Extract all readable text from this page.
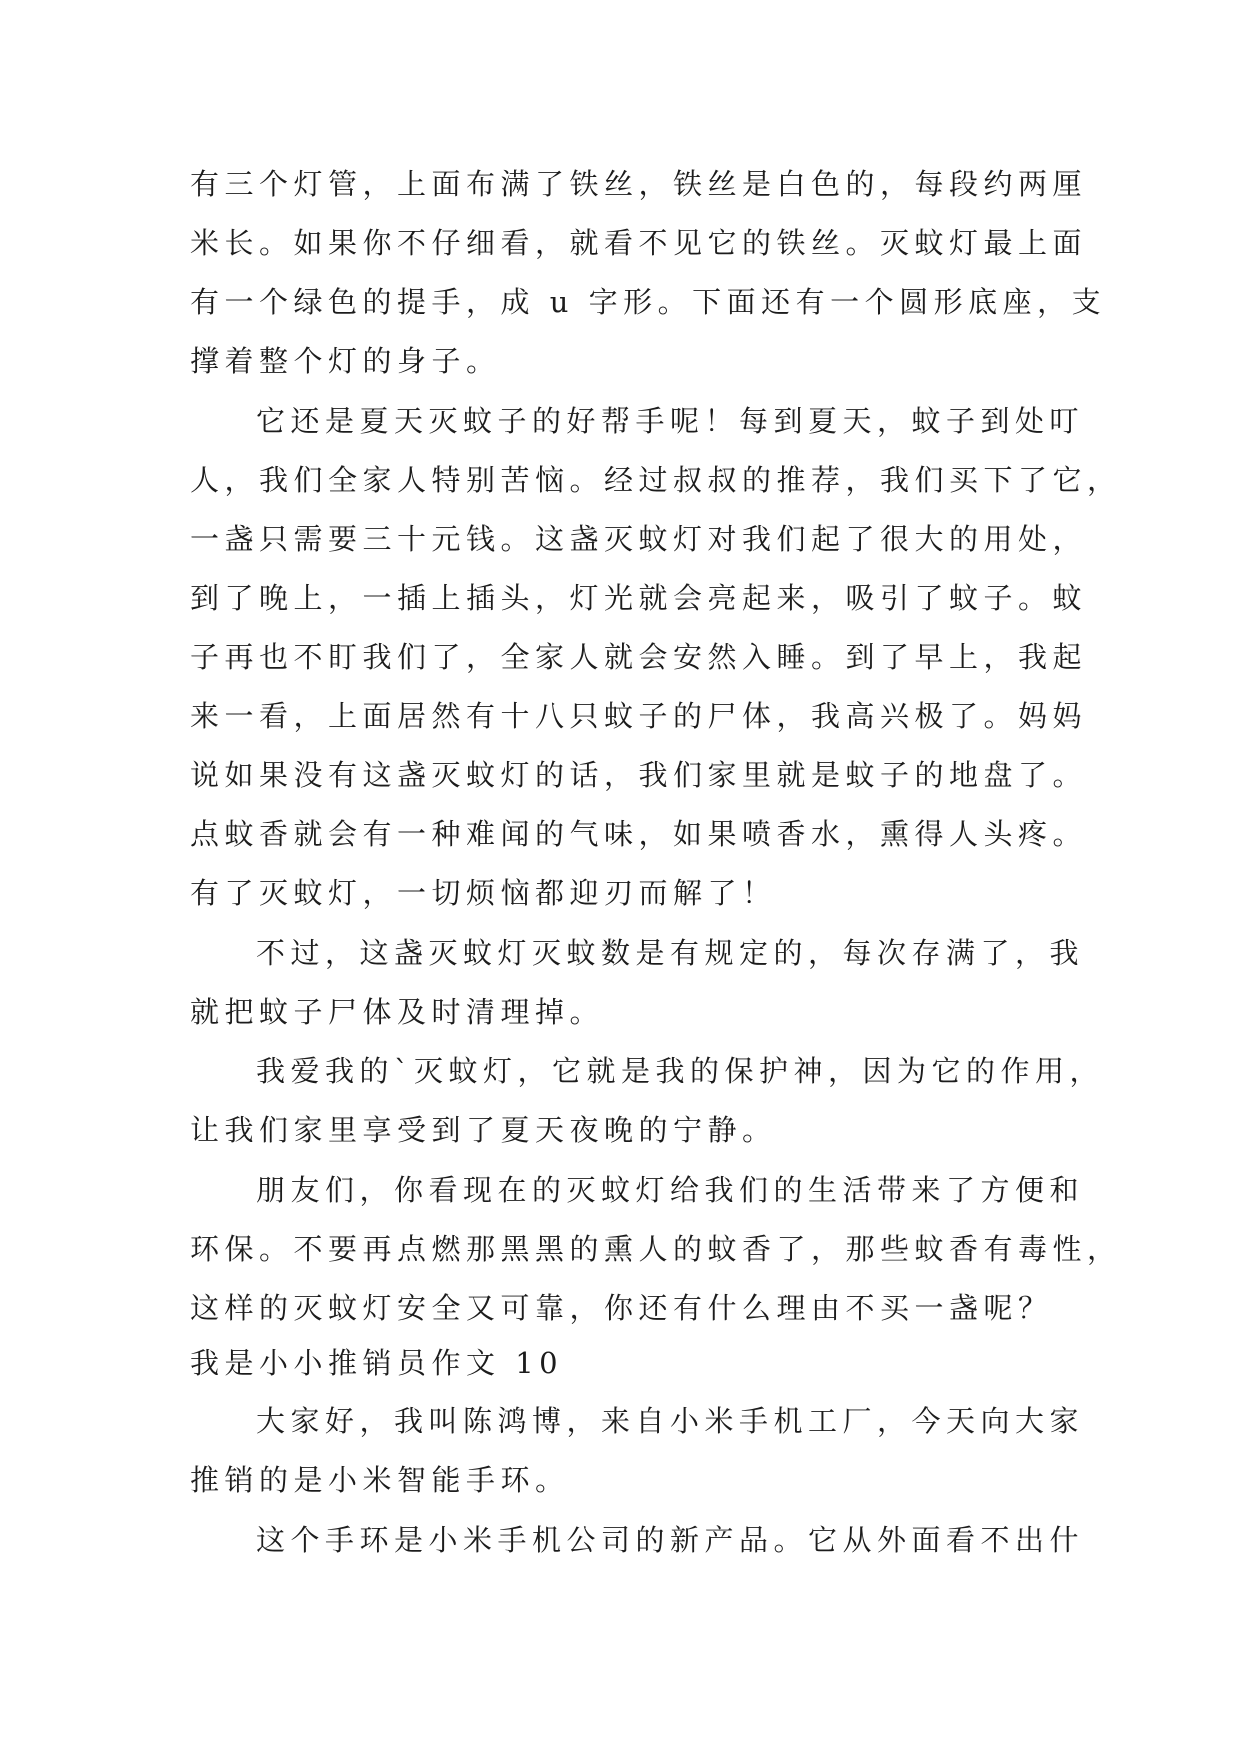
有三个灯管，上面布满了铁丝，铁丝是白色的，每段约两厘
米长。如果你不仔细看，就看不见它的铁丝。灭蚊灯最上面
有一个绿色的提手，成 u 字形。下面还有一个圆形底座，支
撑着整个灯的身子。
它还是夏天灭蚊子的好帮手呢！每到夏天，蚊子到处叮
人，我们全家人特别苦恼。经过叔叔的推荐，我们买下了它，
一盏只需要三十元钱。这盏灭蚊灯对我们起了很大的用处，
到了晚上，一插上插头，灯光就会亮起来，吸引了蚊子。蚊
子再也不盯我们了，全家人就会安然入睡。到了早上，我起
来一看，上面居然有十八只蚊子的尸体，我高兴极了。妈妈
说如果没有这盏灭蚊灯的话，我们家里就是蚊子的地盘了。
点蚊香就会有一种难闻的气味，如果喷香水，熏得人头疼。
有了灭蚊灯，一切烦恼都迎刃而解了！
不过，这盏灭蚊灯灭蚊数是有规定的，每次存满了，我
就把蚊子尸体及时清理掉。
我爱我的`灭蚊灯，它就是我的保护神，因为它的作用，
让我们家里享受到了夏天夜晚的宁静。
朋友们，你看现在的灭蚊灯给我们的生活带来了方便和
环保。不要再点燃那黑黑的熏人的蚊香了，那些蚊香有毒性，
这样的灭蚊灯安全又可靠，你还有什么理由不买一盏呢？
我是小小推销员作文 10
大家好，我叫陈鸿博，来自小米手机工厂，今天向大家
推销的是小米智能手环。
这个手环是小米手机公司的新产品。它从外面看不出什
